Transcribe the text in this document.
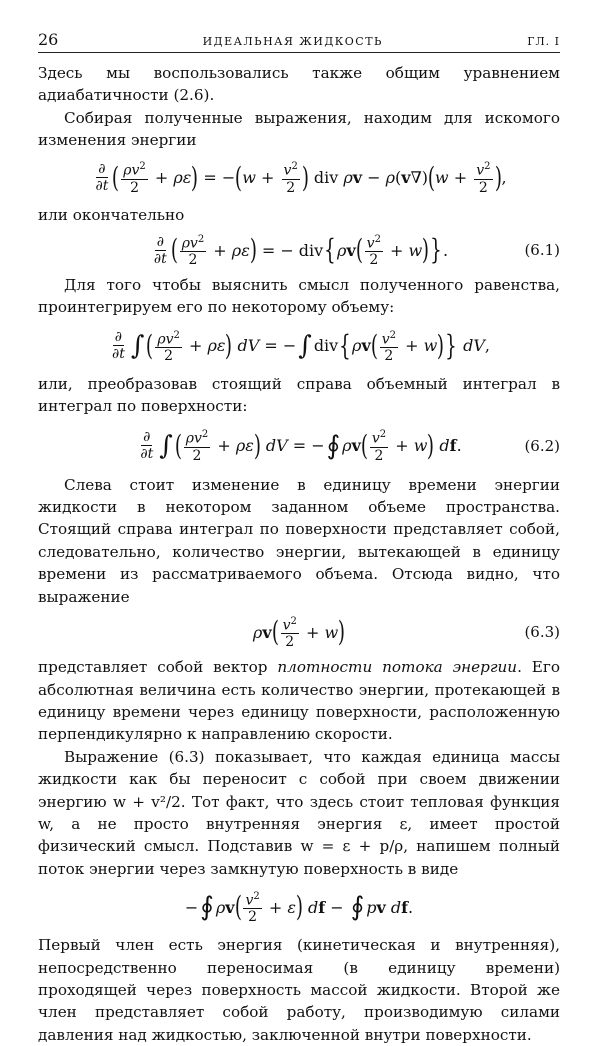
26	ИДЕАЛЬНАЯ ЖИДКОСТЬ	ГЛ. I

Здесь мы воспользовались также общим уравнением адиабатичности (2.6).

Собирая полученные выражения, находим для искомого изменения энергии

$\frac{\partial}{\partial t}$ ( $\frac{\rho v^2}{2} + \rho\varepsilon$ ) = − ( $w + \frac{v^2}{2}$ ) div ρ v − ρ ( v ∇) ( $w + \frac{v^2}{2}$ ) ,

или окончательно

$\frac{\partial}{\partial t}$ ( $\frac{\rho v^2}{2} + \rho\varepsilon$ ) = − div { ρ v ( $\frac{v^2}{2} + w$ ) } .	(6.1)

Для того чтобы выяснить смысл полученного равенства, проинтегрируем его по некоторому объему:

$\frac{\partial}{\partial t}$ ∫ ( $\frac{\rho v^2}{2} + \rho\varepsilon$ )
dV = − ∫ div { ρ v ( $\frac{v^2}{2} + w$ ) }
dV ,

или, преобразовав стоящий справа объемный интеграл в интеграл по поверхности:

$\frac{\partial}{\partial t}$ ∫ ( $\frac{\rho v^2}{2} + \rho\varepsilon$ )
dV = − ∮ ρ v ( $\frac{v^2}{2} + w$ )
d f .	(6.2)

Слева стоит изменение в единицу времени энергии жидкости в некотором заданном объеме пространства. Стоящий справа интеграл по поверхности представляет собой, следовательно, количество энергии, вытекающей в единицу времени из рассматриваемого объема. Отсюда видно, что выражение

ρ v ( $\frac{v^2}{2} + w$ )	(6.3)

представляет собой вектор плотности потока энергии. Его абсолютная величина есть количество энергии, протекающей в единицу времени через единицу поверхности, расположенную перпендикулярно к направлению скорости.

Выражение (6.3) показывает, что каждая единица массы жидкости как бы переносит с собой при своем движении энергию w + v²/2. Тот факт, что здесь стоит тепловая функция w, а не просто внутренняя энергия ε, имеет простой физический смысл. Подставив w = ε + p/ρ, напишем полный поток энергии через замкнутую поверхность в виде

− ∮ ρ v ( $\frac{v^2}{2} + \varepsilon$ )
d f − ∮ p v
d f .

Первый член есть энергия (кинетическая и внутренняя), непосредственно переносимая (в единицу времени) проходящей через поверхность массой жидкости. Второй же член представляет собой работу, производимую силами давления над жидкостью, заключенной внутри поверхности.
